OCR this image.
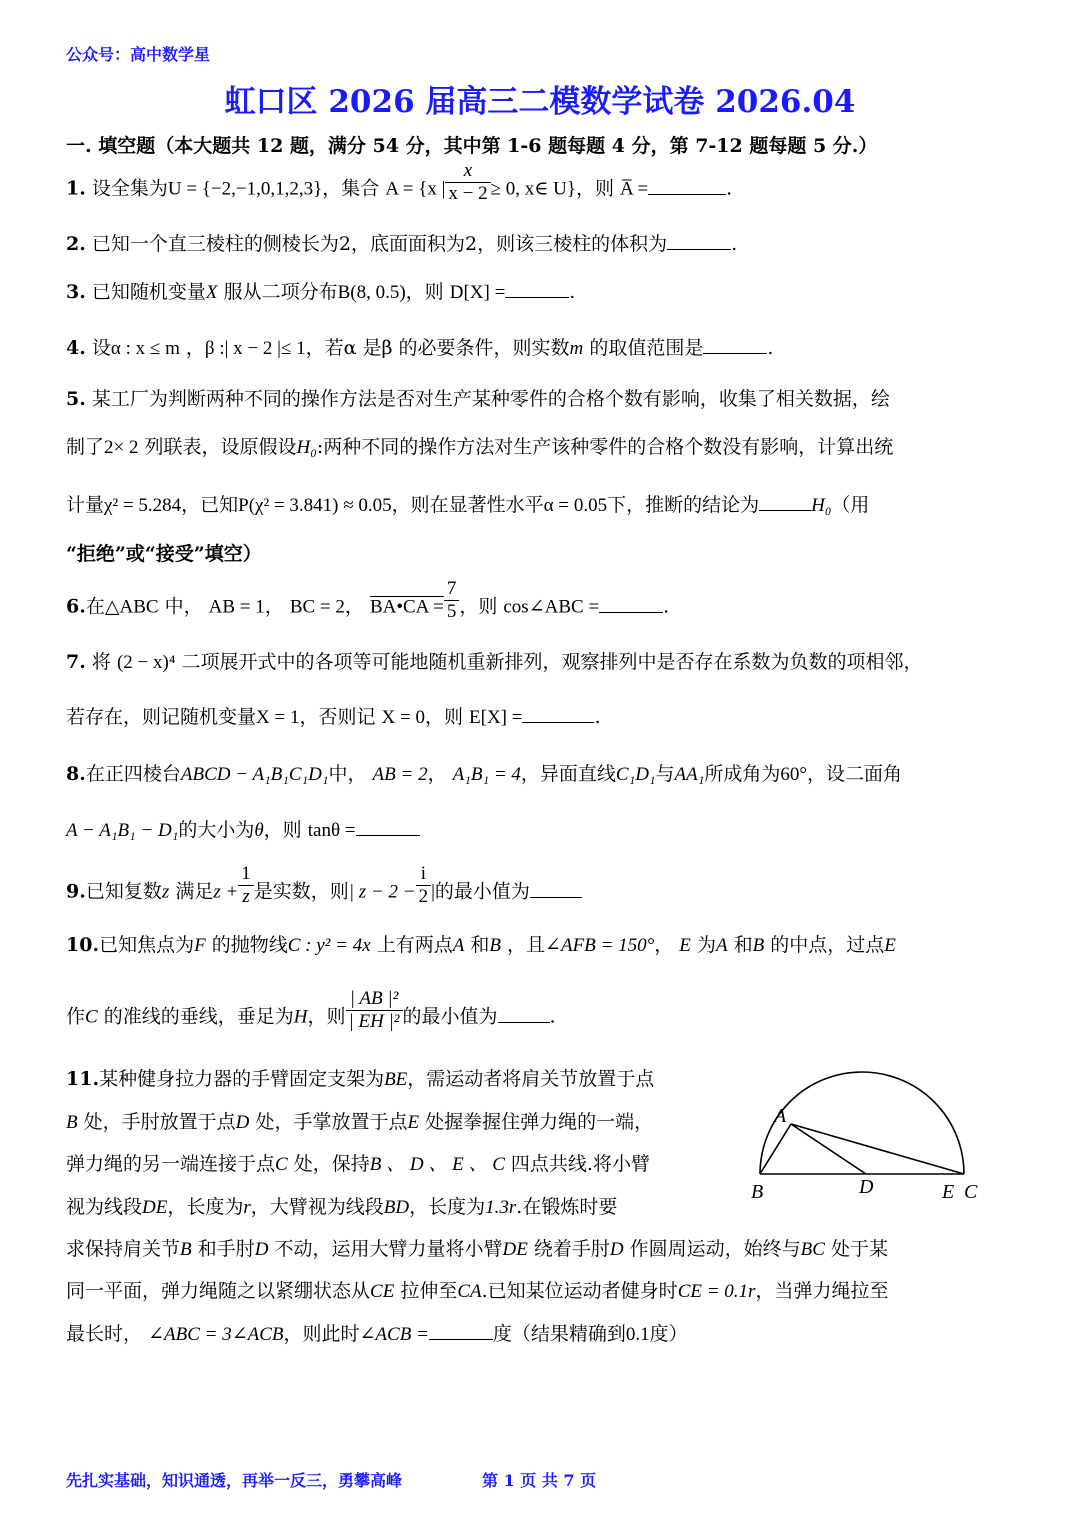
公众号：高中数学星
虹口区 2026 届高三二模数学试卷 2026.04
一. 填空题（本大题共 12 题，满分 54 分，其中第 1-6 题每题 4 分，第 7-12 题每题 5 分.）
1. 设全集为U = {−2,−1,0,1,2,3}，集合 A = {x | $\frac{x}{x - 2} \ge 0$, x∈ U}，则 A̅ =	.
2. 已知一个直三棱柱的侧棱长为2，底面面积为2，则该三棱柱的体积为	.
3. 已知随机变量X 服从二项分布B(8, 0.5)，则 D[X] =	.
4. 设α : x ≤ m ，β :| x − 2 |≤ 1，若α 是β 的必要条件，则实数m 的取值范围是	.
5. 某工厂为判断两种不同的操作方法是否对生产某种零件的合格个数有影响，收集了相关数据，绘
制了2× 2 列联表，设原假设H₀:两种不同的操作方法对生产该种零件的合格个数没有影响，计算出统
计量χ² = 5.284，已知P(χ² = 3.841) ≈ 0.05，则在显著性水平α = 0.05下，推断的结论为	H₀（用
“拒绝”或“接受”填空）
6.在△ABC 中， AB = 1， BC = 2， BA•CA = $\frac{7}{5}$ ，则 cos∠ABC =	.
7. 将 (2 − x)⁴ 二项展开式中的各项等可能地随机重新排列，观察排列中是否存在系数为负数的项相邻，
若存在，则记随机变量X = 1，否则记 X = 0，则 E[X] =	.
8.在正四棱台ABCD − A₁B₁C₁D₁中， AB = 2， A₁B₁ = 4，异面直线C₁D₁与AA₁所成角为60°，设二面角
A − A₁B₁ − D₁的大小为θ，则 tanθ =
9.已知复数z 满足$z + \frac{1}{z}$ 是实数，则| $z - 2 - \frac{i}{2}$ |的最小值为
10.已知焦点为F 的抛物线C : y² = 4x 上有两点A 和B ，且∠AFB = 150°， E 为A 和B 的中点，过点E
作C 的准线的垂线，垂足为H，则 $\frac{\text{| AB |²}}{\text{| EH |²}}$ 的最小值为	.
11.某种健身拉力器的手臂固定支架为BE，需运动者将肩关节放置于点
B 处，手肘放置于点D 处，手掌放置于点E 处握拳握住弹力绳的一端，
弹力绳的另一端连接于点C 处，保持B 、 D 、 E 、 C 四点共线.将小臂
视为线段DE，长度为r，大臂视为线段BD，长度为1.3r.在锻炼时要
求保持肩关节B 和手肘D 不动，运用大臂力量将小臂DE 绕着手肘D 作圆周运动，始终与BC 处于某
同一平面，弹力绳随之以紧绷状态从CE 拉伸至CA.已知某位运动者健身时CE = 0.1r，当弹力绳拉至
最长时， ∠ABC = 3∠ACB，则此时∠ACB =	度（结果精确到0.1度）
A
B	D	E C
先扎实基础，知识通透，再举一反三，勇攀高峰	第 1 页 共 7 页
